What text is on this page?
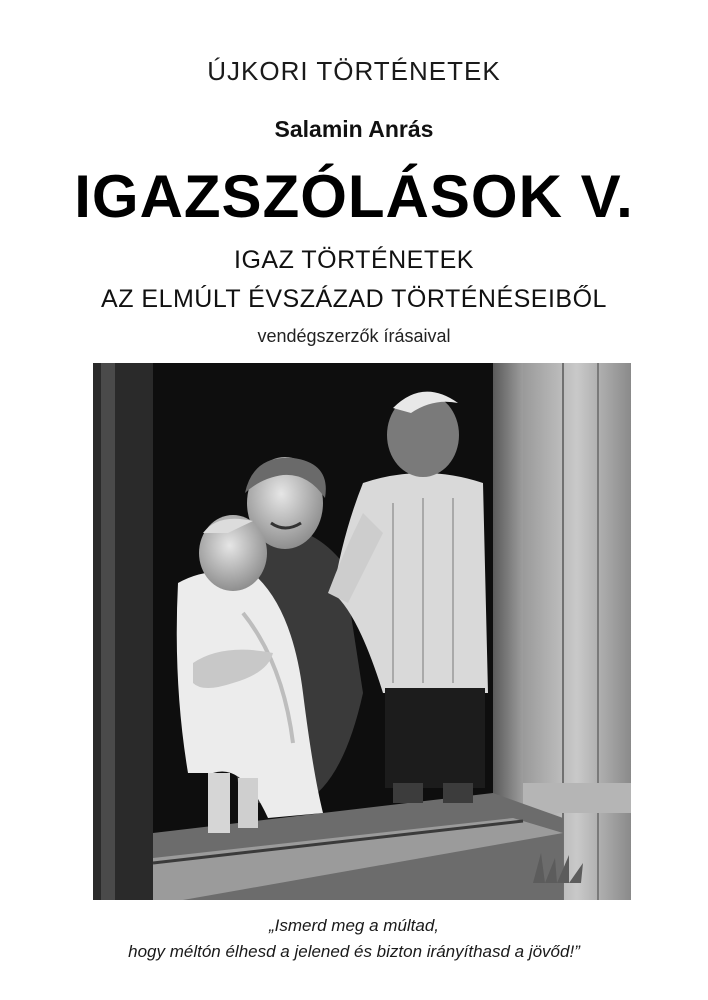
ÚJKORI TÖRTÉNETEK
Salamin Anrás
IGAZSZÓLÁSOK V.
IGAZ TÖRTÉNETEK
AZ ELMÚLT ÉVSZÁZAD TÖRTÉNÉSEIBŐL
vendégszerzők írásaival
„Ismerd meg a múltad,
hogy méltón élhesd a jelened és bizton irányíthasd a jövőd!”
